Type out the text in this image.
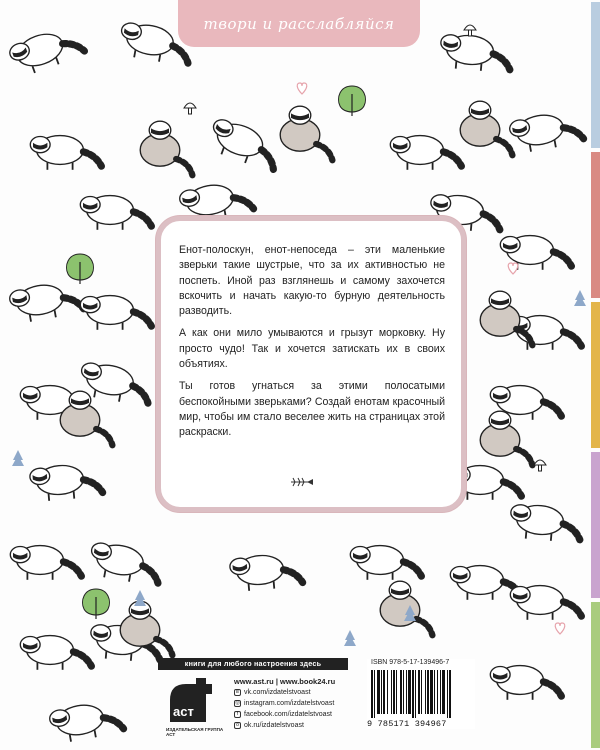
твори и расслабляйся

Енот-полоскун, енот-непоседа – эти маленькие зверьки такие шустрые, что за их активностью не поспеть. Иной раз взглянешь и самому захочется вскочить и начать какую-то бурную деятельность разводить.

А как они мило умываются и грызут морковку. Ну просто чудо! Так и хочется затискать их в своих объятиях.

Ты готов угнаться за этими полосатыми беспокойными зверьками? Создай енотам красочный мир, чтобы им стало веселее жить на страницах этой раскраски.

книги для любого настроения здесь
аст
ИЗДАТЕЛЬСКАЯ ГРУППА АСТ
www.ast.ru | www.book24.ru
в vk.com/izdatelstvoast
◎ instagram.com/izdatelstvoast
f facebook.com/izdatelstvoast
о ok.ru/izdatelstvoast
ISBN 978-5-17-139496-7
9 785171 394967
